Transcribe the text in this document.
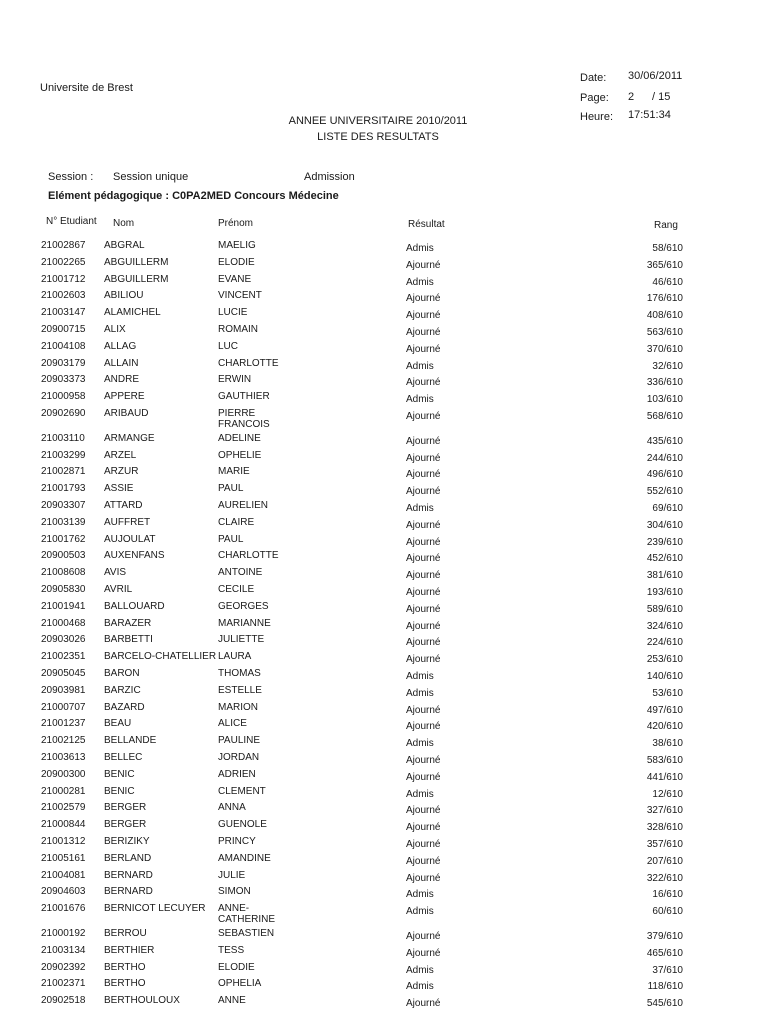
Universite de Brest
Date: 30/06/2011
Page: 2 / 15
Heure: 17:51:34
ANNEE UNIVERSITAIRE 2010/2011
LISTE DES RESULTATS
Session : Session unique	Admission
Elément pédagogique : C0PA2MED Concours Médecine
N° Etudiant Nom	Prénom	Résultat	Rang
21002867 ABGRAL	MAELIG	Admis	58/610
21002265 ABGUILLERM	ELODIE	Ajourné	365/610
21001712 ABGUILLERM	EVANE	Admis	46/610
21002603 ABILIOU	VINCENT	Ajourné	176/610
21003147 ALAMICHEL	LUCIE	Ajourné	408/610
20900715 ALIX	ROMAIN	Ajourné	563/610
21004108 ALLAG	LUC	Ajourné	370/610
20903179 ALLAIN	CHARLOTTE	Admis	32/610
20903373 ANDRE	ERWIN	Ajourné	336/610
21000958 APPERE	GAUTHIER	Admis	103/610
20902690 ARIBAUD	PIERRE	Ajourné	568/610
FRANCOIS
21003110 ARMANGE	ADELINE	Ajourné	435/610
21003299 ARZEL	OPHELIE	Ajourné	244/610
21002871 ARZUR	MARIE	Ajourné	496/610
21001793 ASSIE	PAUL	Ajourné	552/610
20903307 ATTARD	AURELIEN	Admis	69/610
21003139 AUFFRET	CLAIRE	Ajourné	304/610
21001762 AUJOULAT	PAUL	Ajourné	239/610
20900503 AUXENFANS	CHARLOTTE	Ajourné	452/610
21008608 AVIS	ANTOINE	Ajourné	381/610
20905830 AVRIL	CECILE	Ajourné	193/610
21001941 BALLOUARD	GEORGES	Ajourné	589/610
21000468 BARAZER	MARIANNE	Ajourné	324/610
20903026 BARBETTI	JULIETTE	Ajourné	224/610
21002351 BARCELO-CHATELLIER LAURA	Ajourné	253/610
20905045 BARON	THOMAS	Admis	140/610
20903981 BARZIC	ESTELLE	Admis	53/610
21000707 BAZARD	MARION	Ajourné	497/610
21001237 BEAU	ALICE	Ajourné	420/610
21002125 BELLANDE	PAULINE	Admis	38/610
21003613 BELLEC	JORDAN	Ajourné	583/610
20900300 BENIC	ADRIEN	Ajourné	441/610
21000281 BENIC	CLEMENT	Admis	12/610
21002579 BERGER	ANNA	Ajourné	327/610
21000844 BERGER	GUENOLE	Ajourné	328/610
21001312 BERIZIKY	PRINCY	Ajourné	357/610
21005161 BERLAND	AMANDINE	Ajourné	207/610
21004081 BERNARD	JULIE	Ajourné	322/610
20904603 BERNARD	SIMON	Admis	16/610
21001676 BERNICOT LECUYER ANNE-	Admis	60/610
CATHERINE
21000192 BERROU	SEBASTIEN	Ajourné	379/610
21003134 BERTHIER	TESS	Ajourné	465/610
20902392 BERTHO	ELODIE	Admis	37/610
21002371 BERTHO	OPHELIA	Admis	118/610
20902518 BERTHOULOUX	ANNE	Ajourné	545/610
